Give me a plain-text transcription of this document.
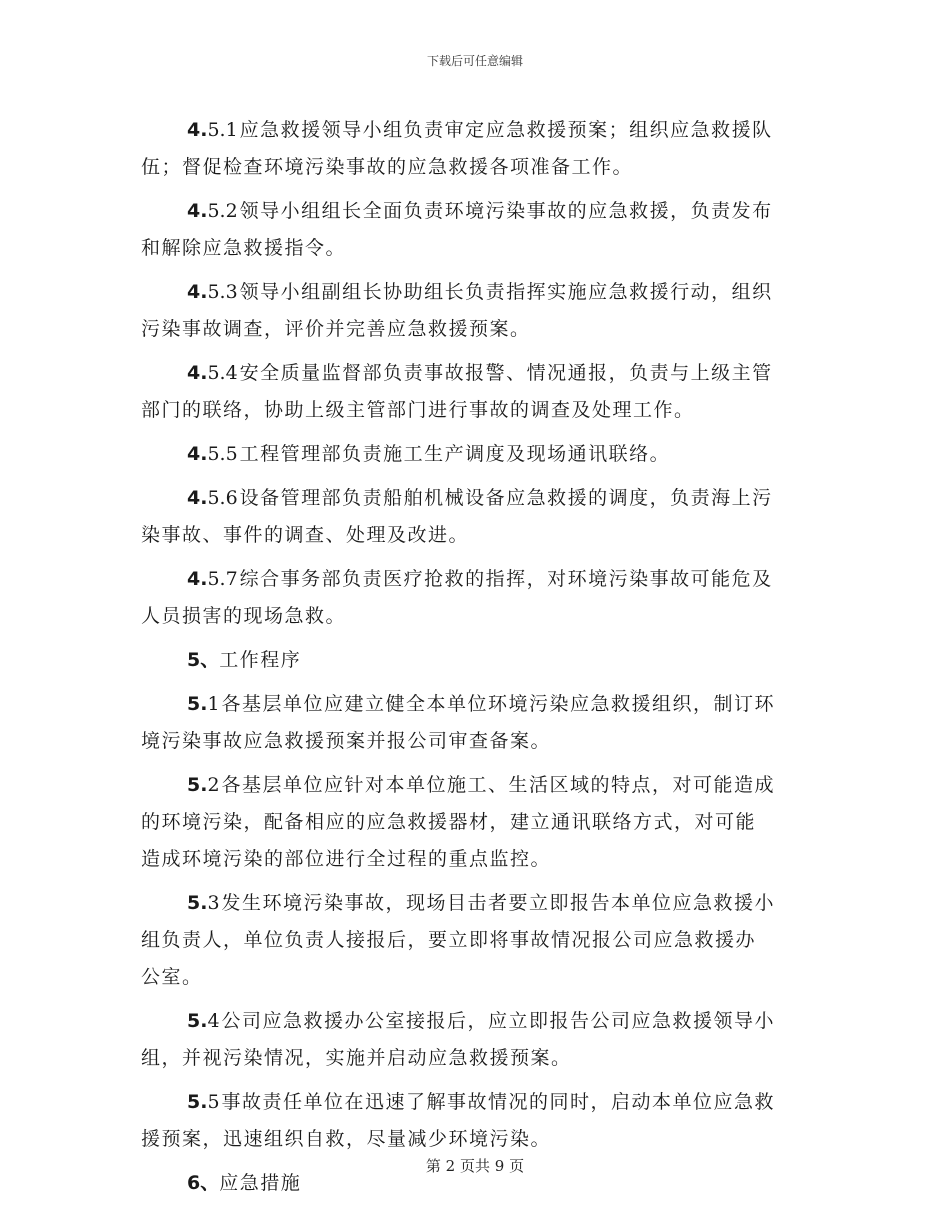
下载后可任意编辑
4.5.1 应急救援领导小组负责审定应急救援预案；组织应急救援队
伍；督促检查环境污染事故的应急救援各项准备工作。
4.5.2 领导小组组长全面负责环境污染事故的应急救援，负责发布
和解除应急救援指令。
4.5.3 领导小组副组长协助组长负责指挥实施应急救援行动，组织
污染事故调查，评价并完善应急救援预案。
4.5.4 安全质量监督部负责事故报警、情况通报，负责与上级主管
部门的联络，协助上级主管部门进行事故的调查及处理工作。
4.5.5 工程管理部负责施工生产调度及现场通讯联络。
4.5.6 设备管理部负责船舶机械设备应急救援的调度，负责海上污
染事故、事件的调查、处理及改进。
4.5.7 综合事务部负责医疗抢救的指挥，对环境污染事故可能危及
人员损害的现场急救。
5、工作程序
5.1 各基层单位应建立健全本单位环境污染应急救援组织，制订环
境污染事故应急救援预案并报公司审查备案。
5.2 各基层单位应针对本单位施工、生活区域的特点，对可能造成
的环境污染，配备相应的应急救援器材，建立通讯联络方式，对可能
造成环境污染的部位进行全过程的重点监控。
5.3 发生环境污染事故，现场目击者要立即报告本单位应急救援小
组负责人，单位负责人接报后，要立即将事故情况报公司应急救援办
公室。
5.4 公司应急救援办公室接报后，应立即报告公司应急救援领导小
组，并视污染情况，实施并启动应急救援预案。
5.5 事故责任单位在迅速了解事故情况的同时，启动本单位应急救
援预案，迅速组织自救，尽量减少环境污染。
6、应急措施
第 2 页共 9 页
